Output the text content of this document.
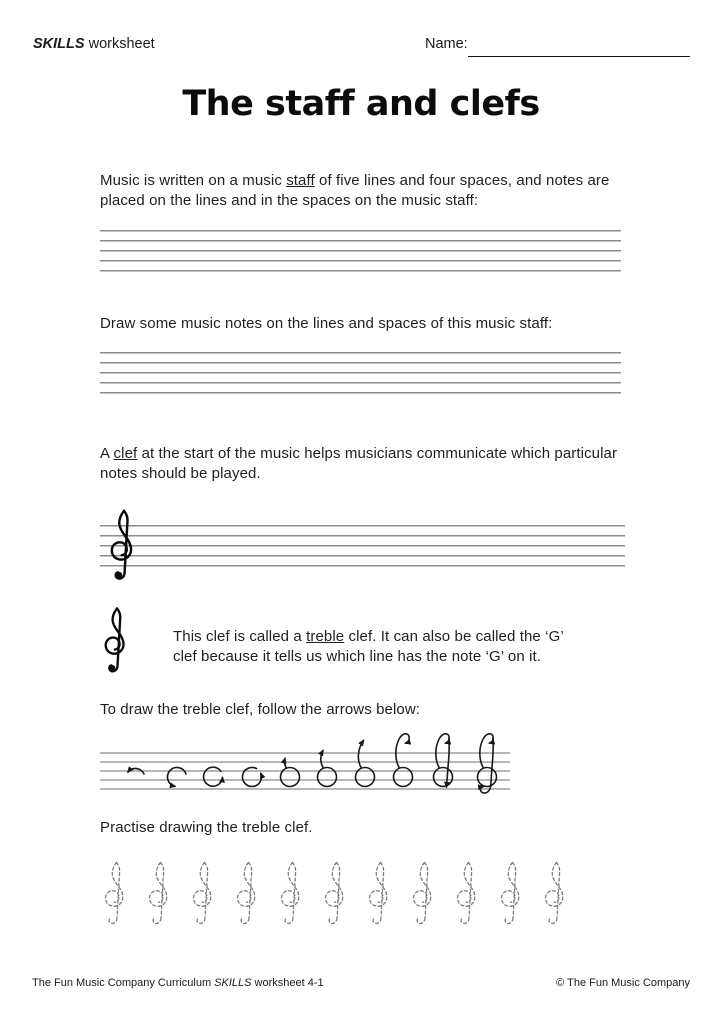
SKILLS worksheet	Name:
The staff and clefs
Music is written on a music staff of five lines and four spaces, and notes are
placed on the lines and in the spaces on the music staff:
Draw some music notes on the lines and spaces of this music staff:
A clef at the start of the music helps musicians communicate which particular
notes should be played.
This clef is called a treble clef. It can also be called the ‘G’
clef because it tells us which line has the note ‘G’ on it.
To draw the treble clef, follow the arrows below:
Practise drawing the treble clef.
The Fun Music Company Curriculum SKILLS worksheet 4-1	© The Fun Music Company
